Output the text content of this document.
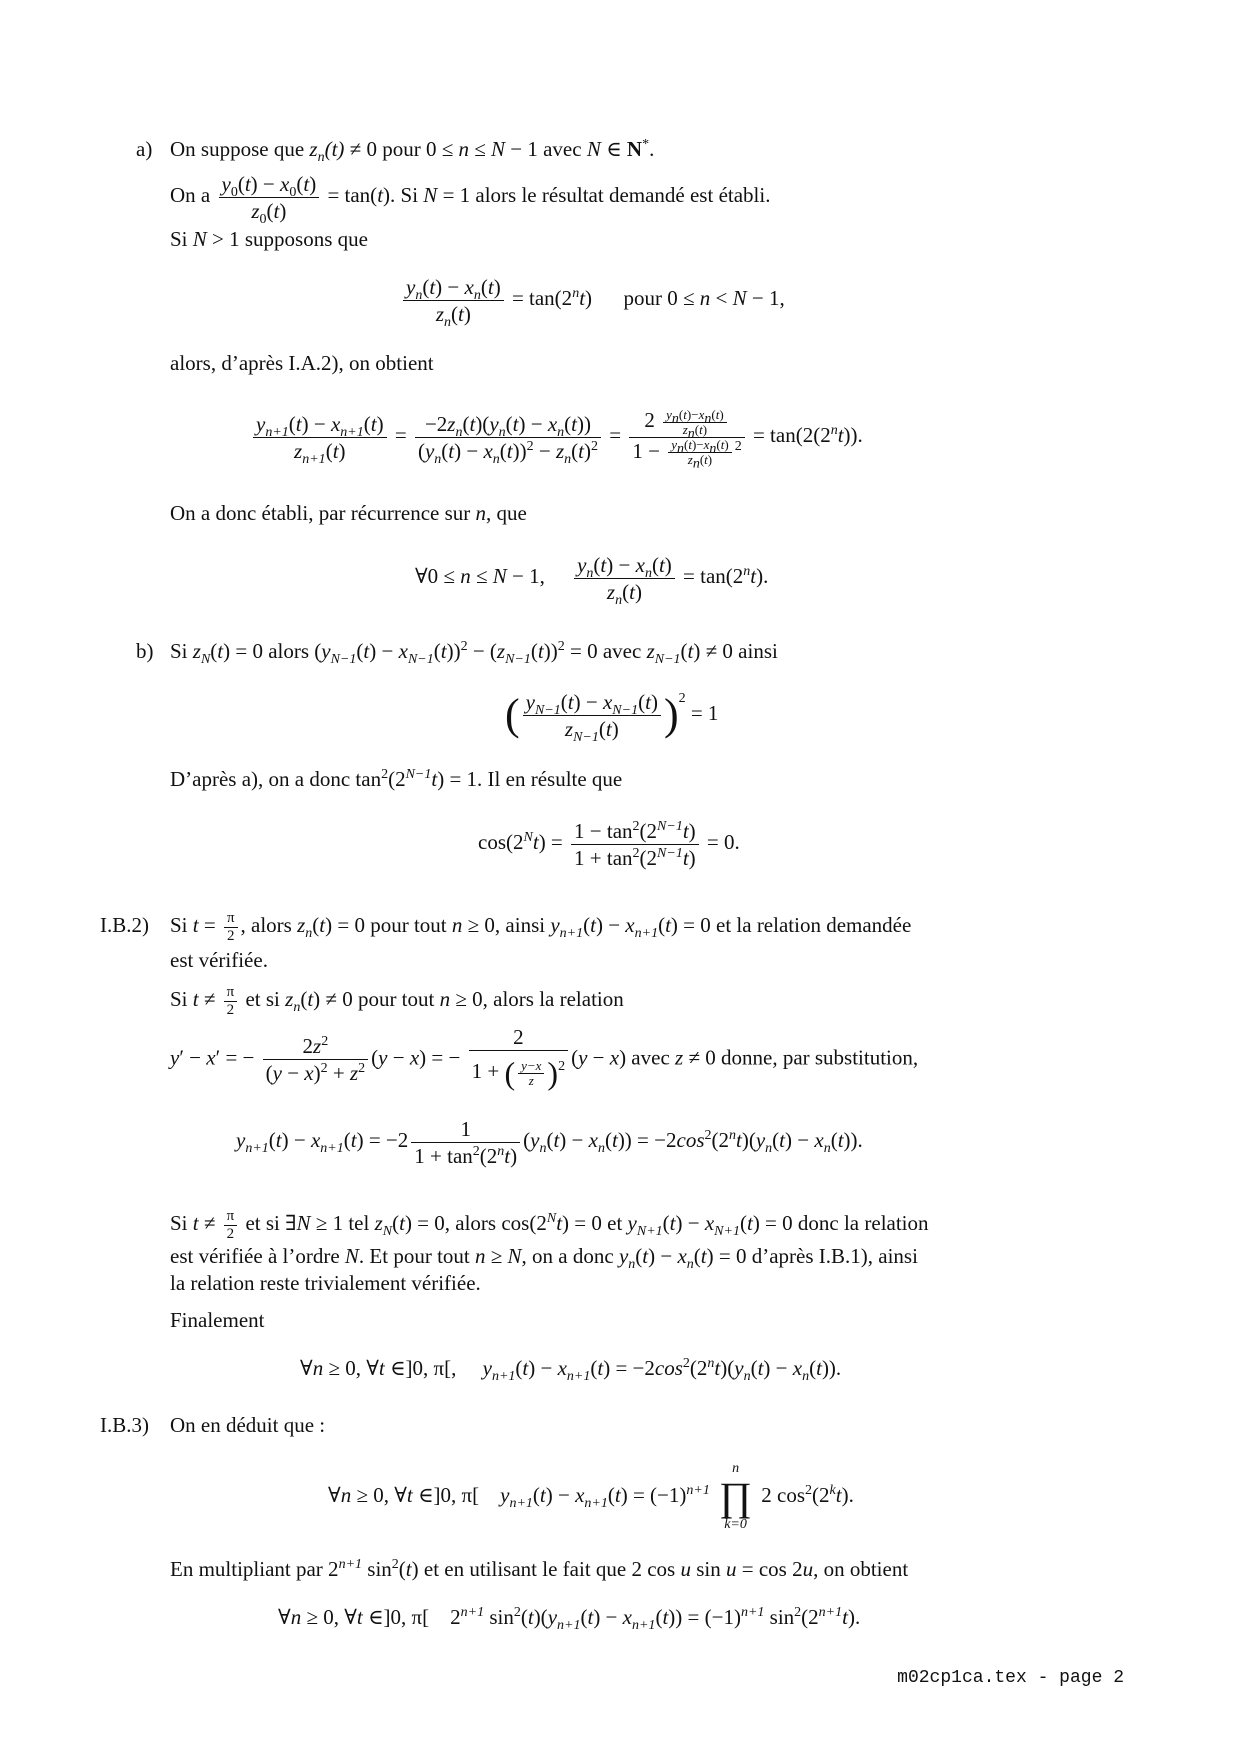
a) On suppose que $z_n(t) \ne 0$ pour 0 ≤ n ≤ N − 1 avec N ∈ N*.
On a $\frac{y_0(t) - x_0(t)}{z_0(t)} = \tan(t)$. Si N = 1 alors le résultat demandé est établi.
Si N > 1 supposons que
$\frac{y_n(t) - x_n(t)}{z_n(t)} = \tan(2^nt)$      pour 0 ≤ n < N − 1,
alors, d’après I.A.2), on obtient
$\frac{y_{n+1}(t) - x_{n+1}(t)}{z_{n+1}(t)} = \frac{-2z_n(t)(y_n(t) - x_n(t))}{(y_n(t) - x_n(t))^2 - z_n(t)^2} = \frac{2 \frac{y_n(t)-x_n(t)}{z_n(t)}}{1 - \frac{y_n(t)-x_n(t)}{z_n(t)} ^2} = \tan(2(2^nt))$.
On a donc établi, par récurrence sur n, que
∀0 ≤ n ≤ N − 1, $\frac{y_n(t) - x_n(t)}{z_n(t)} = \tan(2^nt)$.
b) Si $z_N(t) = 0$ alors $(y_{N-1}(t) - x_{N-1}(t))^2 - (z_{N-1}(t))^2 = 0$ avec $z_{N-1}(t) \ne 0$ ainsi
( $\frac{y_{N-1}(t) - x_{N-1}(t)}{z_{N-1}(t)} )^2 = 1$
D’après a), on a donc $\tan^2(2^{N-1}t) = 1$. Il en résulte que
$\cos(2^Nt) = \frac{1 - \tan^2(2^{N-1}t)}{1 + \tan^2(2^{N-1}t)} = 0$.
I.B.2) Si $t = \frac{\pi}{2}$ , alors $z_n(t) = 0$ pour tout n ≥ 0, ainsi $y_{n+1}(t) - x_{n+1}(t) = 0$ et la relation demandée
est vérifiée.
Si $t \ne \frac{\pi}{2}$ et si $z_n(t) \ne 0$ pour tout n ≥ 0, alors la relation
y′ − x′ = − $\frac{2z^2}{(y - x)^2 + z^2} (y - x)$ = − $\frac{2}{1 + ( \frac{y-x}{z} )^2} (y - x)$ avec z ≠ 0 donne, par substitution,
$y_{n+1}(t) - x_{n+1}(t) = -2 \frac{1}{1 + \tan^2(2^nt)} (y_n(t) - x_n(t)) = -2\cos^2(2^nt)(y_n(t) - x_n(t))$.
Si $t \ne \frac{\pi}{2}$ et si ∃N ≥ 1 tel $z_N(t) = 0$, alors $\cos(2^Nt) = 0$ et $y_{N+1}(t) - x_{N+1}(t) = 0$ donc la relation
est vérifiée à l’ordre N. Et pour tout n ≥ N, on a donc $y_n(t) - x_n(t) = 0$ d’après I.B.1), ainsi
la relation reste trivialement vérifiée.
Finalement
∀n ≥ 0, ∀t ∈]0, π[,     $y_{n+1}(t) - x_{n+1}(t) = -2\cos^2(2^nt)(y_n(t) - x_n(t))$.
I.B.3) On en déduit que :
∀n ≥ 0, ∀t ∈]0, π[    $y_{n+1}(t) - x_{n+1}(t) = (-1)^{n+1}$
n
∏
k=0
2 $\cos^2(2^kt)$.
En multipliant par $2^{n+1}$ $\sin^2(t)$ et en utilisant le fait que 2 cos u sin u = cos 2u, on obtient
∀n ≥ 0, ∀t ∈]0, π[    $2^{n+1}$ $\sin^2(t)(y_{n+1}(t) - x_{n+1}(t)) = (-1)^{n+1}$ $\sin^2(2^{n+1}t)$.
m02cp1ca.tex - page 2
